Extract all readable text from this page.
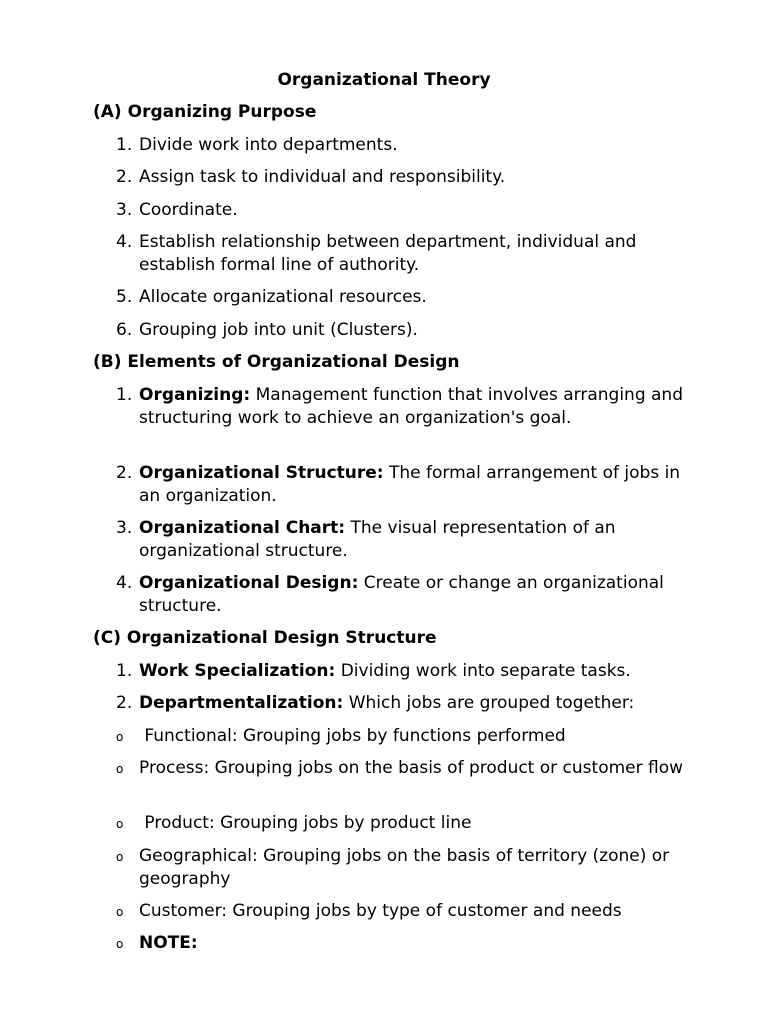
Organizational Theory
(A) Organizing Purpose
1. Divide work into departments.
2. Assign task to individual and responsibility.
3. Coordinate.
4. Establish relationship between department, individual and establish formal line of authority.
5. Allocate organizational resources.
6. Grouping job into unit (Clusters).
(B) Elements of Organizational Design
1. Organizing: Management function that involves arranging and structuring work to achieve an organization's goal.
2. Organizational Structure: The formal arrangement of jobs in an organization.
3. Organizational Chart: The visual representation of an organizational structure.
4. Organizational Design: Create or change an organizational structure.
(C) Organizational Design Structure
1. Work Specialization: Dividing work into separate tasks.
2. Departmentalization: Which jobs are grouped together:
o Functional: Grouping jobs by functions performed
o Process: Grouping jobs on the basis of product or customer flow
o Product: Grouping jobs by product line
o Geographical: Grouping jobs on the basis of territory (zone) or geography
o Customer: Grouping jobs by type of customer and needs
o NOTE:
